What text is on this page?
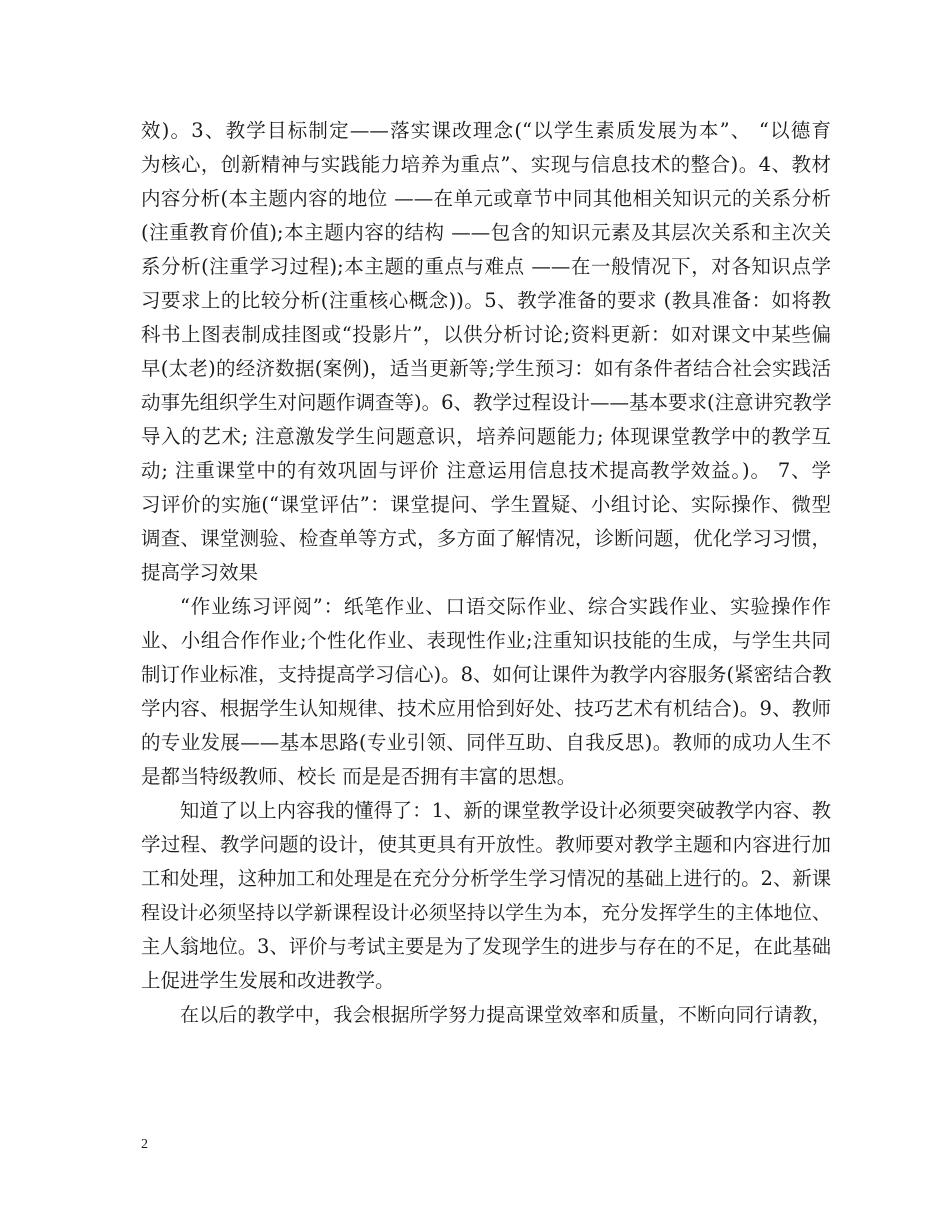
效)。3、教学目标制定——落实课改理念(“以学生素质发展为本”、 “以德育
为核心，创新精神与实践能力培养为重点”、实现与信息技术的整合)。4、教材
内容分析(本主题内容的地位 ——在单元或章节中同其他相关知识元的关系分析
(注重教育价值);本主题内容的结构 ——包含的知识元素及其层次关系和主次关
系分析(注重学习过程);本主题的重点与难点 ——在一般情况下，对各知识点学
习要求上的比较分析(注重核心概念))。5、教学准备的要求 (教具准备：如将教
科书上图表制成挂图或“投影片”，以供分析讨论;资料更新：如对课文中某些偏
早(太老)的经济数据(案例)，适当更新等;学生预习：如有条件者结合社会实践活
动事先组织学生对问题作调查等)。6、教学过程设计——基本要求(注意讲究教学
导入的艺术; 注意激发学生问题意识，培养问题能力; 体现课堂教学中的教学互
动; 注重课堂中的有效巩固与评价 注意运用信息技术提高教学效益。)。 7、学
习评价的实施(“课堂评估”：课堂提问、学生置疑、小组讨论、实际操作、微型
调查、课堂测验、检查单等方式，多方面了解情况，诊断问题，优化学习习惯，
提高学习效果
“作业练习评阅”：纸笔作业、口语交际作业、综合实践作业、实验操作作
业、小组合作作业;个性化作业、表现性作业;注重知识技能的生成，与学生共同
制订作业标准，支持提高学习信心)。8、如何让课件为教学内容服务(紧密结合教
学内容、根据学生认知规律、技术应用恰到好处、技巧艺术有机结合)。9、教师
的专业发展——基本思路(专业引领、同伴互助、自我反思)。教师的成功人生不
是都当特级教师、校长 而是是否拥有丰富的思想。
知道了以上内容我的懂得了：1、新的课堂教学设计必须要突破教学内容、教
学过程、教学问题的设计，使其更具有开放性。教师要对教学主题和内容进行加
工和处理，这种加工和处理是在充分分析学生学习情况的基础上进行的。2、新课
程设计必须坚持以学新课程设计必须坚持以学生为本，充分发挥学生的主体地位、
主人翁地位。3、评价与考试主要是为了发现学生的进步与存在的不足，在此基础
上促进学生发展和改进教学。
在以后的教学中，我会根据所学努力提高课堂效率和质量，不断向同行请教，
2
